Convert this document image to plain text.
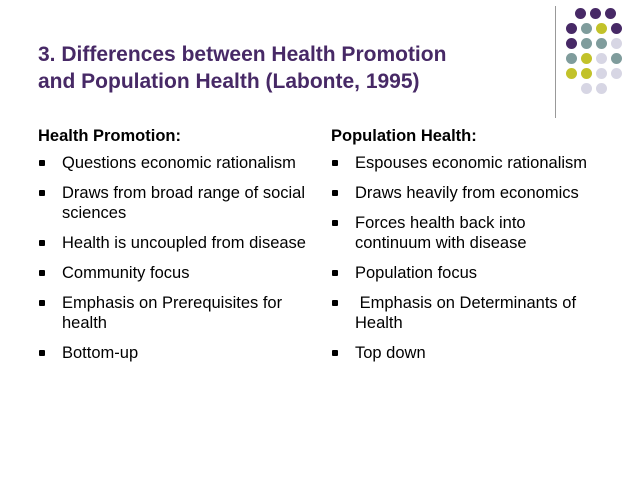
3. Differences between Health Promotion
and Population Health (Labonte, 1995)
Health Promotion:
Questions economic rationalism
Draws from broad range of social sciences
Health is uncoupled from disease
Community focus
Emphasis on Prerequisites for health
Bottom-up
Population Health:
Espouses economic rationalism
Draws heavily from economics
Forces health back into continuum with disease
Population focus
Emphasis on Determinants of Health
Top down
